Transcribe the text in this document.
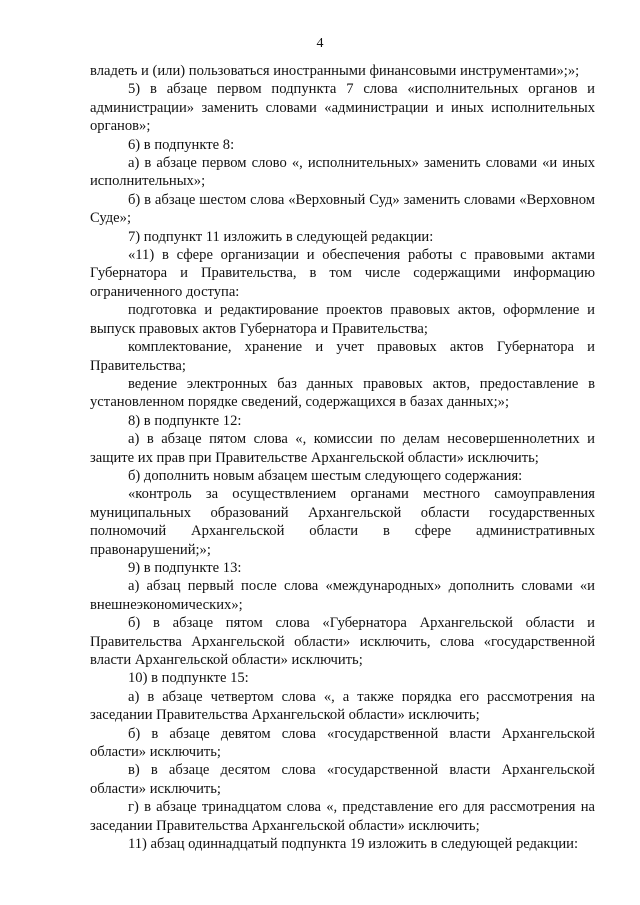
4

владеть и (или) пользоваться иностранными финансовыми инструментами»;»;

5) в абзаце первом подпункта 7 слова «исполнительных органов и администрации» заменить словами «администрации и иных исполнительных органов»;

6) в подпункте 8:

а) в абзаце первом слово «, исполнительных» заменить словами «и иных исполнительных»;

б) в абзаце шестом слова «Верховный Суд» заменить словами «Верховном Суде»;

7) подпункт 11 изложить в следующей редакции:

«11) в сфере организации и обеспечения работы с правовыми актами Губернатора и Правительства, в том числе содержащими информацию ограниченного доступа:

подготовка и редактирование проектов правовых актов, оформление и выпуск правовых актов Губернатора и Правительства;

комплектование, хранение и учет правовых актов Губернатора и Правительства;

ведение электронных баз данных правовых актов, предоставление в установленном порядке сведений, содержащихся в базах данных;»;

8) в подпункте 12:

а) в абзаце пятом слова «, комиссии по делам несовершеннолетних и защите их прав при Правительстве Архангельской области» исключить;

б) дополнить новым абзацем шестым следующего содержания:

«контроль за осуществлением органами местного самоуправления муниципальных образований Архангельской области государственных полномочий Архангельской области в сфере административных правонарушений;»;

9) в подпункте 13:

а) абзац первый после слова «международных» дополнить словами «и внешнеэкономических»;

б) в абзаце пятом слова «Губернатора Архангельской области и Правительства Архангельской области» исключить, слова «государственной власти Архангельской области» исключить;

10) в подпункте 15:

а) в абзаце четвертом слова «, а также порядка его рассмотрения на заседании Правительства Архангельской области» исключить;

б) в абзаце девятом слова «государственной власти Архангельской области» исключить;

в) в абзаце десятом слова «государственной власти Архангельской области» исключить;

г) в абзаце тринадцатом слова «, представление его для рассмотрения на заседании Правительства Архангельской области» исключить;

11) абзац одиннадцатый подпункта 19 изложить в следующей редакции:
